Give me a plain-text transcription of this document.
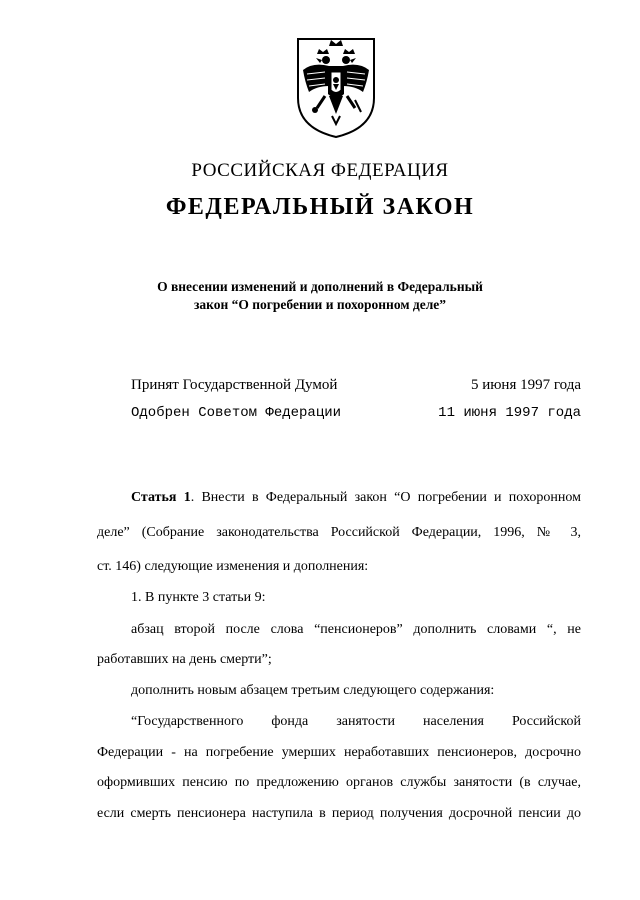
РОССИЙСКАЯ ФЕДЕРАЦИЯ
ФЕДЕРАЛЬНЫЙ ЗАКОН
О внесении изменений и дополнений в Федеральный
закон “О погребении и похоронном деле”
Принят Государственной Думой	5 июня 1997 года
Одобрен Советом Федерации	11 июня 1997 года
Статья 1. Внести в Федеральный закон “О погребении и похоронном
деле” (Собрание законодательства Российской Федерации, 1996, № 3,
ст. 146) следующие изменения и дополнения:
1. В пункте 3 статьи 9:
абзац второй после слова “пенсионеров” дополнить словами “, не
работавших на день смерти”;
дополнить новым абзацем третьим следующего содержания:
“Государственного фонда занятости населения Российской
Федерации - на погребение умерших неработавших пенсионеров, досрочно
оформивших пенсию по предложению органов службы занятости (в случае,
если смерть пенсионера наступила в период получения досрочной пенсии до
